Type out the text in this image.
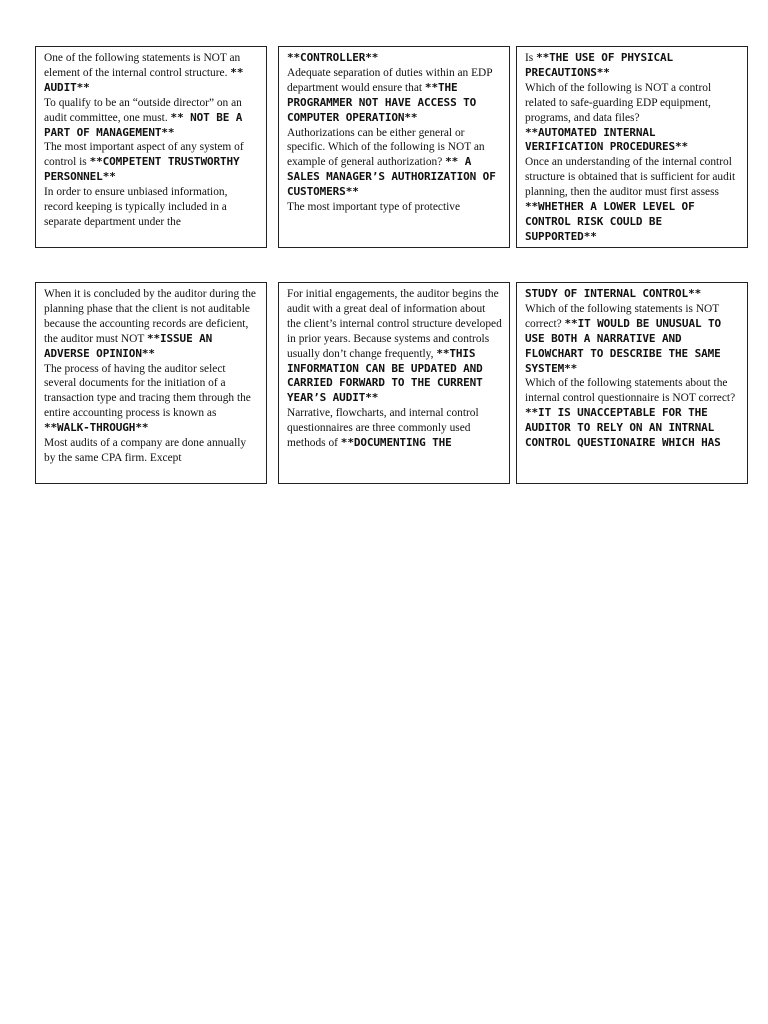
One of the following statements is NOT an element of the internal control structure. ** AUDIT**
To qualify to be an “outside director” on an audit committee, one must. ** NOT BE A PART OF MANAGEMENT**
The most important aspect of any system of control is **COMPETENT TRUSTWORTHY PERSONNEL**
In order to ensure unbiased information, record keeping is typically included in a separate department under the

**CONTROLLER**
Adequate separation of duties within an EDP department would ensure that **THE PROGRAMMER NOT HAVE ACCESS TO COMPUTER OPERATION**
Authorizations can be either general or specific. Which of the following is NOT an example of general authorization? ** A SALES MANAGER’S AUTHORIZATION OF CUSTOMERS**
The most important type of protective

Is **THE USE OF PHYSICAL PRECAUTIONS**
Which of the following is NOT a control related to safe-guarding EDP equipment, programs, and data files?
**AUTOMATED INTERNAL VERIFICATION PROCEDURES**
Once an understanding of the internal control structure is obtained that is sufficient for audit planning, then the auditor must first assess **WHETHER A LOWER LEVEL OF CONTROL RISK COULD BE SUPPORTED**

When it is concluded by the auditor during the planning phase that the client is not auditable because the accounting records are deficient, the auditor must NOT **ISSUE AN ADVERSE OPINION**
The process of having the auditor select several documents for the initiation of a transaction type and tracing them through the entire accounting process is known as **WALK-THROUGH**
Most audits of a company are done annually by the same CPA firm. Except

For initial engagements, the auditor begins the audit with a great deal of information about the client’s internal control structure developed in prior years. Because systems and controls usually don’t change frequently, **THIS INFORMATION CAN BE UPDATED AND CARRIED FORWARD TO THE CURRENT YEAR’S AUDIT**
Narrative, flowcharts, and internal control questionnaires are three commonly used methods of **DOCUMENTING THE

STUDY OF INTERNAL CONTROL**
Which of the following statements is NOT correct? **IT WOULD BE UNUSUAL TO USE BOTH A NARRATIVE AND FLOWCHART TO DESCRIBE THE SAME SYSTEM**
Which of the following statements about the internal control questionnaire is NOT correct? **IT IS UNACCEPTABLE FOR THE AUDITOR TO RELY ON AN INTRNAL CONTROL QUESTIONAIRE WHICH HAS
